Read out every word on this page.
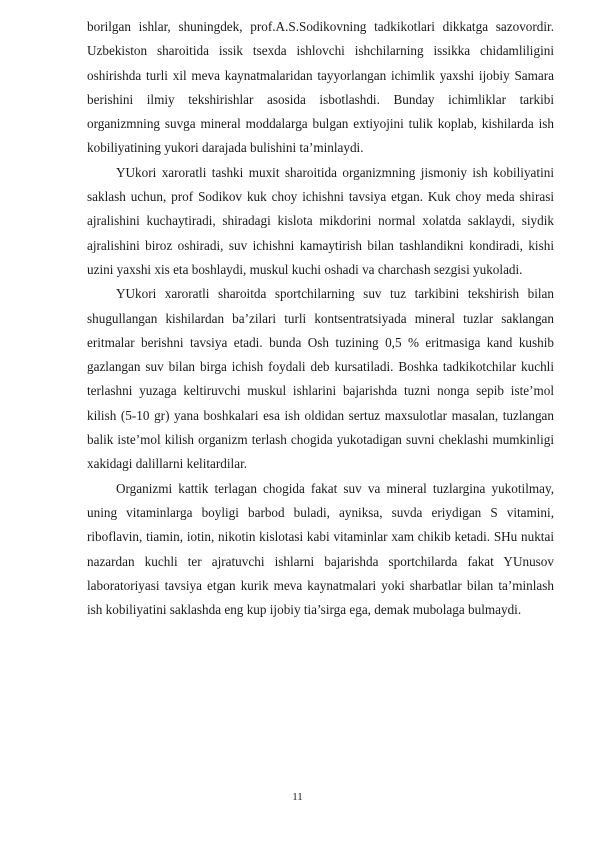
borilgan ishlar, shuningdek, prof.A.S.Sodikovning tadkikotlari dikkatga sazovordir. Uzbekiston sharoitida issik tsexda ishlovchi ishchilarning issikka chidamliligini oshirishda turli xil meva kaynatmalaridan tayyorlangan ichimlik yaxshi ijobiy Samara berishini ilmiy tekshirishlar asosida isbotlashdi. Bunday ichimliklar tarkibi organizmning suvga mineral moddalarga bulgan extiyojini tulik koplab, kishilarda ish kobiliyatining yukori darajada bulishini ta’minlaydi.

YUkori xaroratli tashki muxit sharoitida organizmning jismoniy ish kobiliyatini saklash uchun, prof Sodikov kuk choy ichishni tavsiya etgan. Kuk choy meda shirasi ajralishini kuchaytiradi, shiradagi kislota mikdorini normal xolatda saklaydi, siydik ajralishini biroz oshiradi, suv ichishni kamaytirish bilan tashlandikni kondiradi, kishi uzini yaxshi xis eta boshlaydi, muskul kuchi oshadi va charchash sezgisi yukoladi.

YUkori xaroratli sharoitda sportchilarning suv tuz tarkibini tekshirish bilan shugullangan kishilardan ba’zilari turli kontsentratsiyada mineral tuzlar saklangan eritmalar berishni tavsiya etadi. bunda Osh tuzining 0,5 % eritmasiga kand kushib gazlangan suv bilan birga ichish foydali deb kursatiladi. Boshka tadkikotchilar kuchli terlashni yuzaga keltiruvchi muskul ishlarini bajarishda tuzni nonga sepib iste’mol kilish (5-10 gr) yana boshkalari esa ish oldidan sertuz maxsulotlar masalan, tuzlangan balik iste’mol kilish organizm terlash chogida yukotadigan suvni cheklashi mumkinligi xakidagi dalillarni kelitardilar.

Organizmi kattik terlagan chogida fakat suv va mineral tuzlargina yukotilmay, uning vitaminlarga boyligi barbod buladi, ayniksa, suvda eriydigan S vitamini, riboflavin, tiamin, iotin, nikotin kislotasi kabi vitaminlar xam chikib ketadi. SHu nuktai nazardan kuchli ter ajratuvchi ishlarni bajarishda sportchilarda fakat YUnusov laboratoriyasi tavsiya etgan kurik meva kaynatmalari yoki sharbatlar bilan ta’minlash ish kobiliyatini saklashda eng kup ijobiy tia’sirga ega, demak mubolaga bulmaydi.

11
